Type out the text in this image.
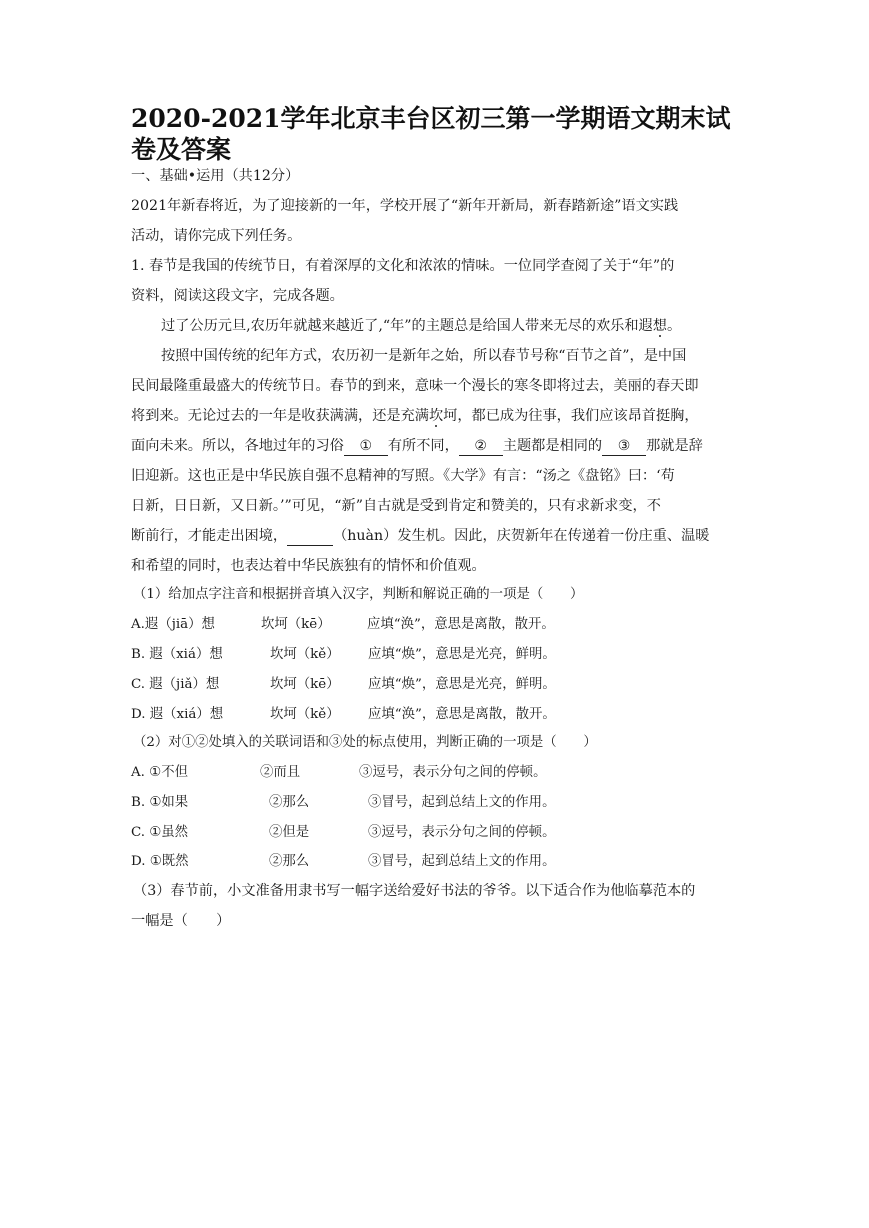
2020-2021学年北京丰台区初三第一学期语文期末试卷及答案
一、基础•运用（共12分）
2021年新春将近，为了迎接新的一年，学校开展了“新年开新局，新春踏新途”语文实践
活动，请你完成下列任务。
1. 春节是我国的传统节日，有着深厚的文化和浓浓的情味。一位同学查阅了关于“年”的
资料，阅读这段文字，完成各题。
过了公历元旦,农历年就越来越近了,“年”的主题总是给国人带来无尽的欢乐和遐想。
按照中国传统的纪年方式，农历初一是新年之始，所以春节号称“百节之首”，是中国
民间最隆重最盛大的传统节日。春节的到来，意味一个漫长的寒冬即将过去，美丽的春天即
将到来。无论过去的一年是收获满满，还是充满坎坷，都已成为往事，我们应该昂首挺胸，
面向未来。所以，各地过年的习俗 ① 有所不同， ② 主题都是相同的 ③ 那就是辞
旧迎新。这也正是中华民族自强不息精神的写照。《大学》有言：“汤之《盘铭》曰：‘苟
日新，日日新，又日新。’”可见，“新”自古就是受到肯定和赞美的，只有求新求变，不
断前行，才能走出困境，	（huàn）发生机。因此，庆贺新年在传递着一份庄重、温暖
和希望的同时，也表达着中华民族独有的情怀和价值观。
（1）给加点字注音和根据拼音填入汉字，判断和解说正确的一项是（　　）
A.遐（jiā）想	坎坷（kē）	应填“涣”，意思是离散，散开。
B. 遐（xiá）想	坎坷（kě） 应填“焕”，意思是光亮，鲜明。
C. 遐（jiǎ）想	坎坷（kē） 应填“焕”，意思是光亮，鲜明。
D. 遐（xiá）想	坎坷（kě） 应填“涣”，意思是离散，散开。
（2）对①②处填入的关联词语和③处的标点使用，判断正确的一项是（　　）
A. ①不但	②而且	③逗号，表示分句之间的停顿。
B. ①如果	②那么	③冒号，起到总结上文的作用。
C. ①虽然	②但是	③逗号，表示分句之间的停顿。
D. ①既然	②那么	③冒号，起到总结上文的作用。
（3）春节前，小文准备用隶书写一幅字送给爱好书法的爷爷。以下适合作为他临摹范本的
一幅是（　　）
